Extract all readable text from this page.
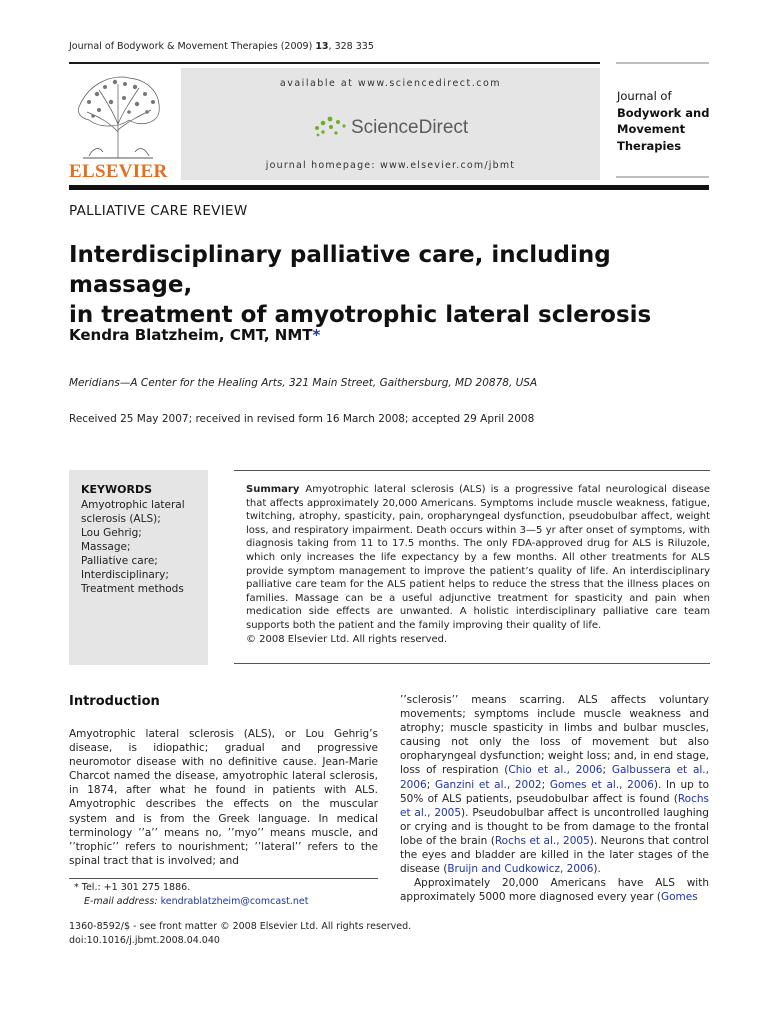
Journal of Bodywork & Movement Therapies (2009) 13, 328 335
ELSEVIER
available at www.sciencedirect.com
ScienceDirect
journal homepage: www.elsevier.com/jbmt
Journal of
Bodywork and
Movement
Therapies
PALLIATIVE CARE REVIEW
Interdisciplinary palliative care, including massage,
in treatment of amyotrophic lateral sclerosis
Kendra Blatzheim, CMT, NMT*
Meridians—A Center for the Healing Arts, 321 Main Street, Gaithersburg, MD 20878, USA
Received 25 May 2007; received in revised form 16 March 2008; accepted 29 April 2008
KEYWORDS
Amyotrophic lateral
sclerosis (ALS);
Lou Gehrig;
Massage;
Palliative care;
Interdisciplinary;
Treatment methods

Summary Amyotrophic lateral sclerosis (ALS) is a progressive fatal neurological disease that affects approximately 20,000 Americans. Symptoms include muscle weakness, fatigue, twitching, atrophy, spasticity, pain, oropharyngeal dysfunction, pseudobulbar affect, weight loss, and respiratory impairment. Death occurs within 3—5 yr after onset of symptoms, with diagnosis taking from 11 to 17.5 months. The only FDA-approved drug for ALS is Riluzole, which only increases the life expectancy by a few months. All other treatments for ALS provide symptom management to improve the patient’s quality of life. An interdisciplinary palliative care team for the ALS patient helps to reduce the stress that the illness places on families. Massage can be a useful adjunctive treatment for spasticity and pain when medication side effects are unwanted. A holistic interdisciplinary palliative care team supports both the patient and the family improving their quality of life.

© 2008 Elsevier Ltd. All rights reserved.

Introduction

Amyotrophic lateral sclerosis (ALS), or Lou Gehrig’s disease, is idiopathic; gradual and progressive neuromotor disease with no definitive cause. Jean-Marie Charcot named the disease, amyotrophic lateral sclerosis, in 1874, after what he found in patients with ALS. Amyotrophic describes the effects on the muscular system and is from the Greek language. In medical terminology ’’a’’ means no, ’’myo’’ means muscle, and ’’trophic’’ refers to nourishment; ’’lateral’’ refers to the spinal tract that is involved; and

’’sclerosis’’ means scarring. ALS affects voluntary movements; symptoms include muscle weakness and atrophy; muscle spasticity in limbs and bulbar muscles, causing not only the loss of movement but also oropharyngeal dysfunction; weight loss; and, in end stage, loss of respiration (Chio et al., 2006; Galbussera et al., 2006; Ganzini et al., 2002; Gomes et al., 2006). In up to 50% of ALS patients, pseudobulbar affect is found (Rochs et al., 2005). Pseudobulbar affect is uncontrolled laughing or crying and is thought to be from damage to the frontal lobe of the brain (Rochs et al., 2005). Neurons that control the eyes and bladder are killed in the later stages of the disease (Bruijn and Cudkowicz, 2006).

Approximately 20,000 Americans have ALS with approximately 5000 more diagnosed every year (Gomes

* Tel.: +1 301 275 1886.
E-mail address: kendrablatzheim@comcast.net
1360-8592/$ - see front matter © 2008 Elsevier Ltd. All rights reserved.
doi:10.1016/j.jbmt.2008.04.040
